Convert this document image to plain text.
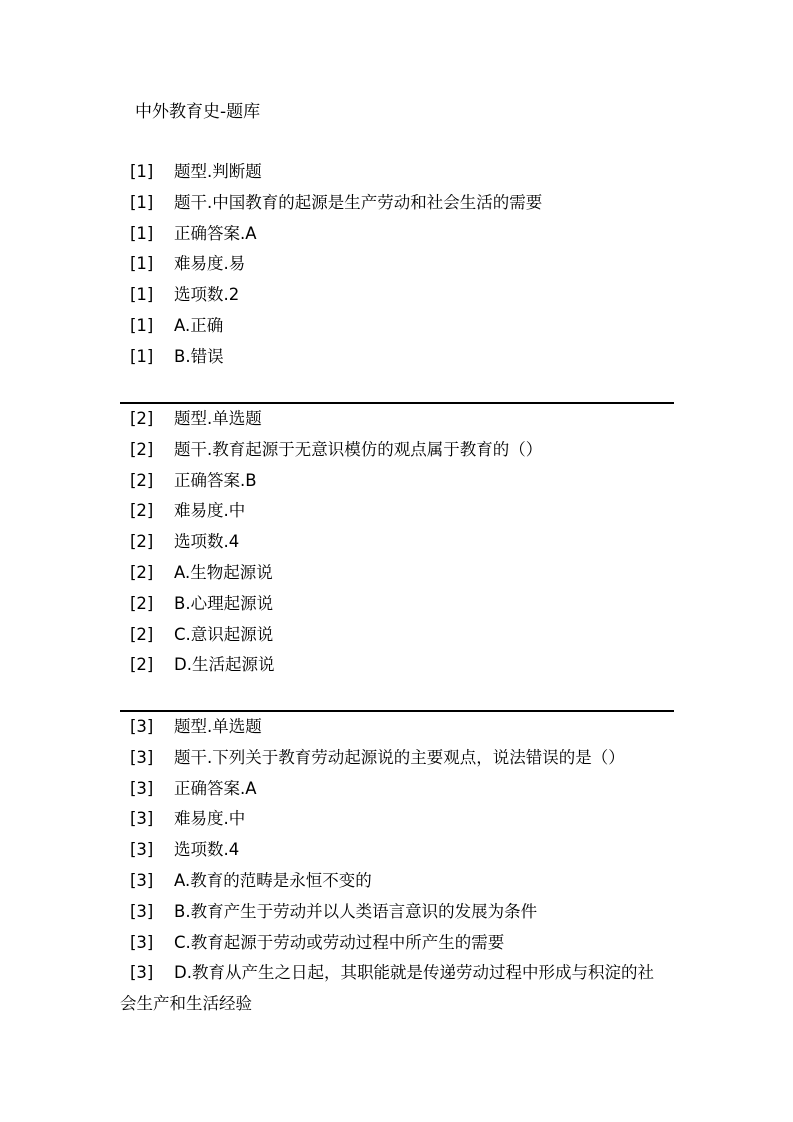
中外教育史-题库
[1]	题型.判断题
[1]	题干.中国教育的起源是生产劳动和社会生活的需要
[1]	正确答案.A
[1]	难易度.易
[1]	选项数.2
[1]	A.正确
[1]	B.错误
[2]	题型.单选题
[2]	题干.教育起源于无意识模仿的观点属于教育的（）
[2]	正确答案.B
[2]	难易度.中
[2]	选项数.4
[2]	A.生物起源说
[2]	B.心理起源说
[2]	C.意识起源说
[2]	D.生活起源说
[3]	题型.单选题
[3]	题干.下列关于教育劳动起源说的主要观点，说法错误的是（）
[3]	正确答案.A
[3]	难易度.中
[3]	选项数.4
[3]	A.教育的范畴是永恒不变的
[3]	B.教育产生于劳动并以人类语言意识的发展为条件
[3]	C.教育起源于劳动或劳动过程中所产生的需要
[3] D.教育从产生之日起，其职能就是传递劳动过程中形成与积淀的社会生产和生活经验
